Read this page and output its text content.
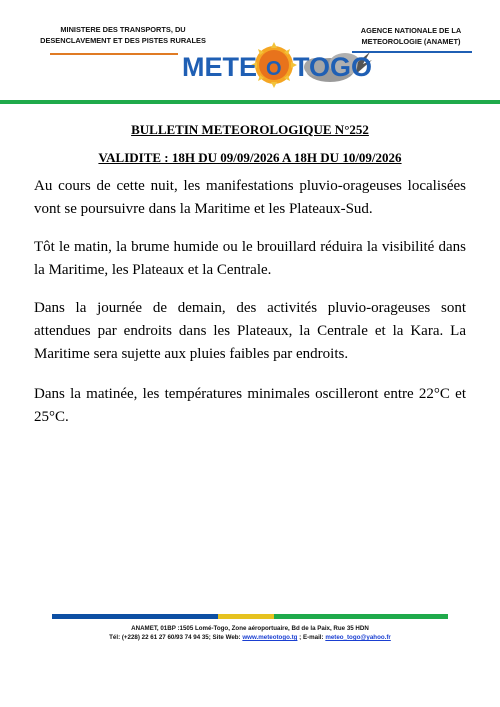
MINISTERE DES TRANSPORTS, DU
DESENCLAVEMENT ET DES PISTES RURALES
AGENCE NATIONALE DE LA
METEOROLOGIE (ANAMET)
METE O TOGO
BULLETIN METEOROLOGIQUE N°252
VALIDITE : 18H DU 09/09/2026 A 18H DU 10/09/2026

Au cours de cette nuit, les manifestations pluvio-orageuses localisées vont se poursuivre dans la Maritime et les Plateaux-Sud.

Tôt le matin, la brume humide ou le brouillard réduira la visibilité dans la Maritime, les Plateaux et la Centrale.

Dans la journée de demain, des activités pluvio-orageuses sont attendues par endroits dans les Plateaux, la Centrale et la Kara. La Maritime sera sujette aux pluies faibles par endroits.

Dans la matinée, les températures minimales oscilleront entre 22°C et 25°C.

ANAMET, 01BP :1505 Lomé-Togo, Zone aéroportuaire, Bd de la Paix, Rue 35 HDN
Tél: (+228) 22 61 27 60/93 74 94 35; Site Web: www.meteotogo.tg ; E-mail: meteo_togo@yahoo.fr
